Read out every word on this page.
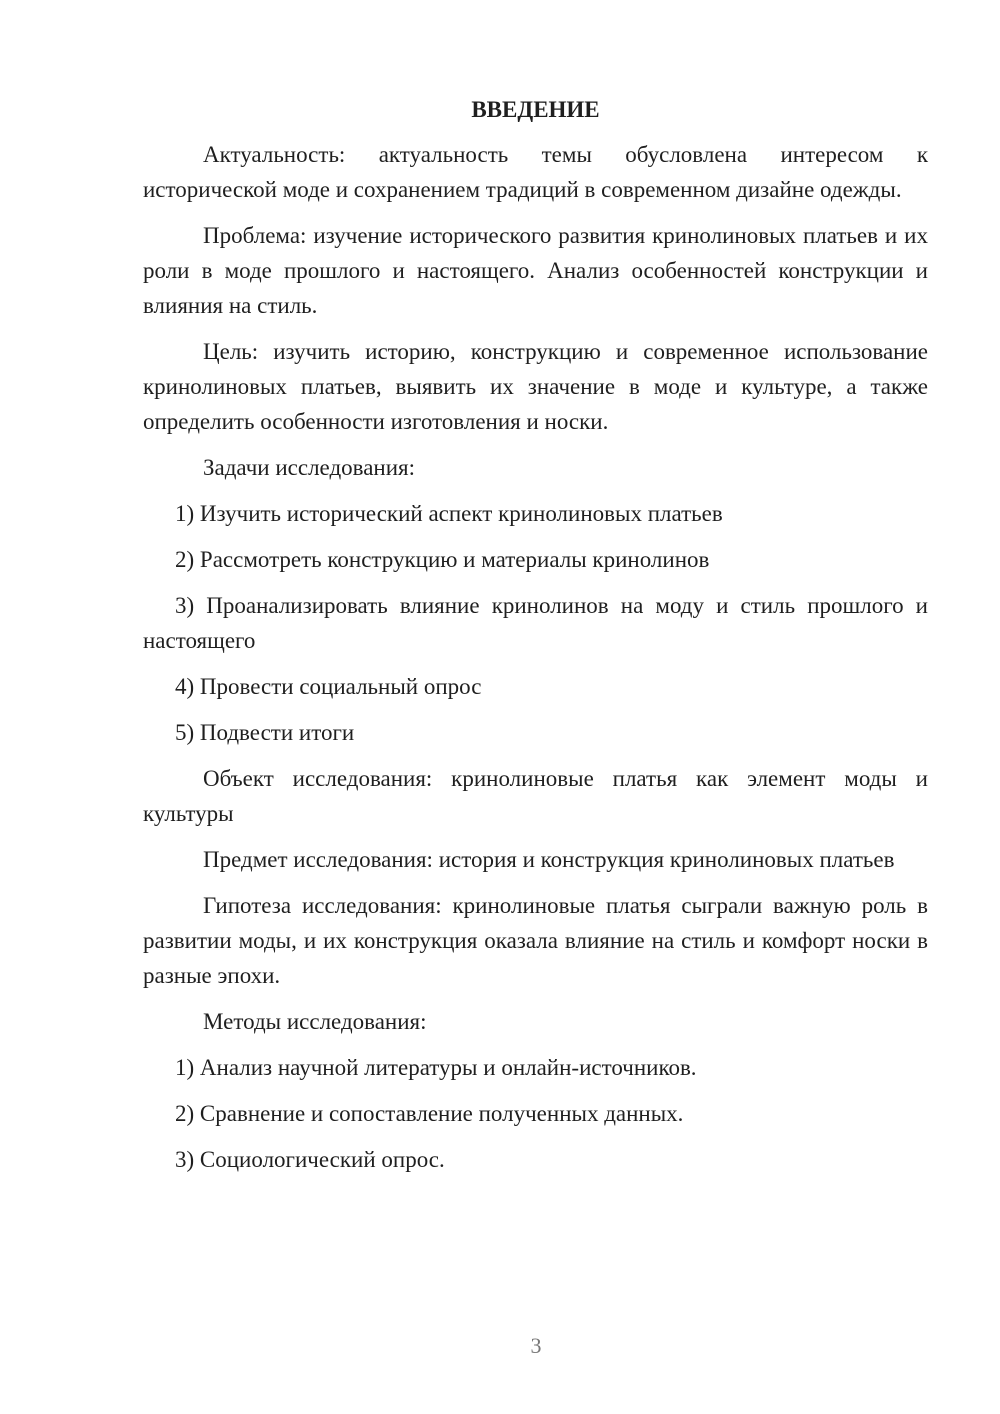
ВВЕДЕНИЕ

Актуальность: актуальность темы обусловлена интересом к исторической моде и сохранением традиций в современном дизайне одежды.

Проблема: изучение исторического развития кринолиновых платьев и их роли в моде прошлого и настоящего. Анализ особенностей конструкции и влияния на стиль.

Цель: изучить историю, конструкцию и современное использование кринолиновых платьев, выявить их значение в моде и культуре, а также определить особенности изготовления и носки.

Задачи исследования:

1) Изучить исторический аспект кринолиновых платьев

2) Рассмотреть конструкцию и материалы кринолинов

3) Проанализировать влияние кринолинов на моду и стиль прошлого и настоящего

4) Провести социальный опрос

5) Подвести итоги

Объект исследования: кринолиновые платья как элемент моды и культуры

Предмет исследования: история и конструкция кринолиновых платьев

Гипотеза исследования: кринолиновые платья сыграли важную роль в развитии моды, и их конструкция оказала влияние на стиль и комфорт носки в разные эпохи.

Методы исследования:

1) Анализ научной литературы и онлайн-источников.

2) Сравнение и сопоставление полученных данных.

3) Социологический опрос.

3
